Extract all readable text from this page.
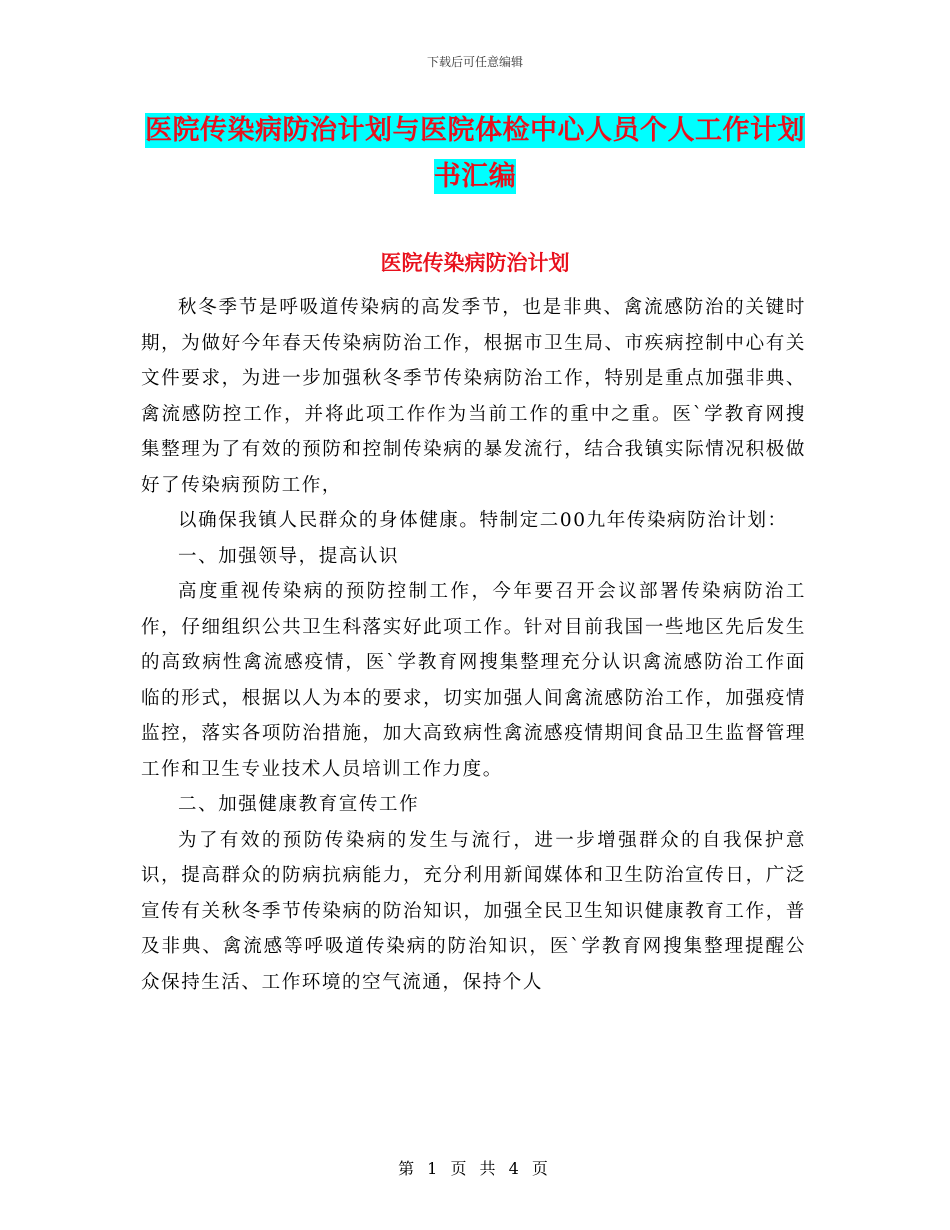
下载后可任意编辑
医院传染病防治计划与医院体检中心人员个人工作计划书汇编
医院传染病防治计划

秋冬季节是呼吸道传染病的高发季节，也是非典、禽流感防治的关键时期，为做好今年春天传染病防治工作，根据市卫生局、市疾病控制中心有关文件要求，为进一步加强秋冬季节传染病防治工作，特别是重点加强非典、禽流感防控工作，并将此项工作作为当前工作的重中之重。医`学教育网搜集整理为了有效的预防和控制传染病的暴发流行，结合我镇实际情况积极做好了传染病预防工作，

以确保我镇人民群众的身体健康。特制定二00九年传染病防治计划：

一、加强领导，提高认识

高度重视传染病的预防控制工作，今年要召开会议部署传染病防治工作，仔细组织公共卫生科落实好此项工作。针对目前我国一些地区先后发生的高致病性禽流感疫情，医`学教育网搜集整理充分认识禽流感防治工作面临的形式，根据以人为本的要求，切实加强人间禽流感防治工作，加强疫情监控，落实各项防治措施，加大高致病性禽流感疫情期间食品卫生监督管理工作和卫生专业技术人员培训工作力度。

二、加强健康教育宣传工作

为了有效的预防传染病的发生与流行，进一步增强群众的自我保护意识，提高群众的防病抗病能力，充分利用新闻媒体和卫生防治宣传日，广泛宣传有关秋冬季节传染病的防治知识，加强全民卫生知识健康教育工作，普及非典、禽流感等呼吸道传染病的防治知识，医`学教育网搜集整理提醒公众保持生活、工作环境的空气流通，保持个人

第 1 页 共 4 页
